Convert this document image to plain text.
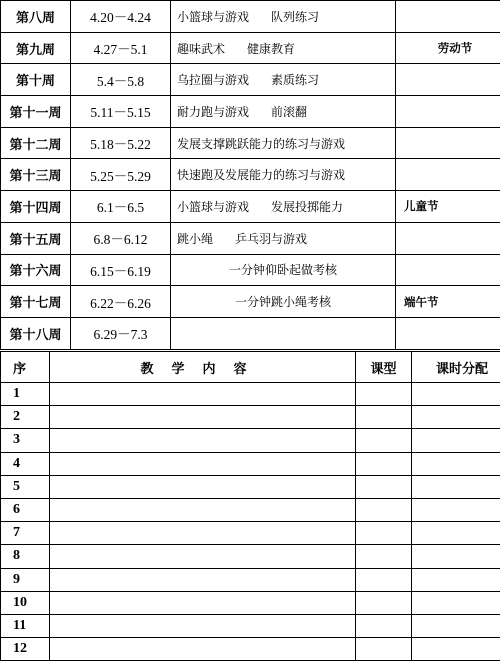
第八周	4.20－4.24	小篮球与游戏 队列练习	
第九周	4.27－5.1	趣味武术 健康教育	劳动节
第十周	5.4－5.8	乌拉圈与游戏 素质练习	
第十一周	5.11－5.15	耐力跑与游戏 前滚翻	
第十二周	5.18－5.22	发展支撑跳跃能力的练习与游戏	
第十三周	5.25－5.29	快速跑及发展能力的练习与游戏	
第十四周	6.1－6.5	小篮球与游戏 发展投掷能力	儿童节
第十五周	6.8－6.12	跳小绳 乒乓羽与游戏	
第十六周	6.15－6.19	一分钟仰卧起做考核	
第十七周	6.22－6.26	一分钟跳小绳考核	端午节
第十八周	6.29－7.3		
序	教学内容	课型	课时分配
1			
2			
3			
4			
5			
6			
7			
8			
9			
10			
11			
12			
